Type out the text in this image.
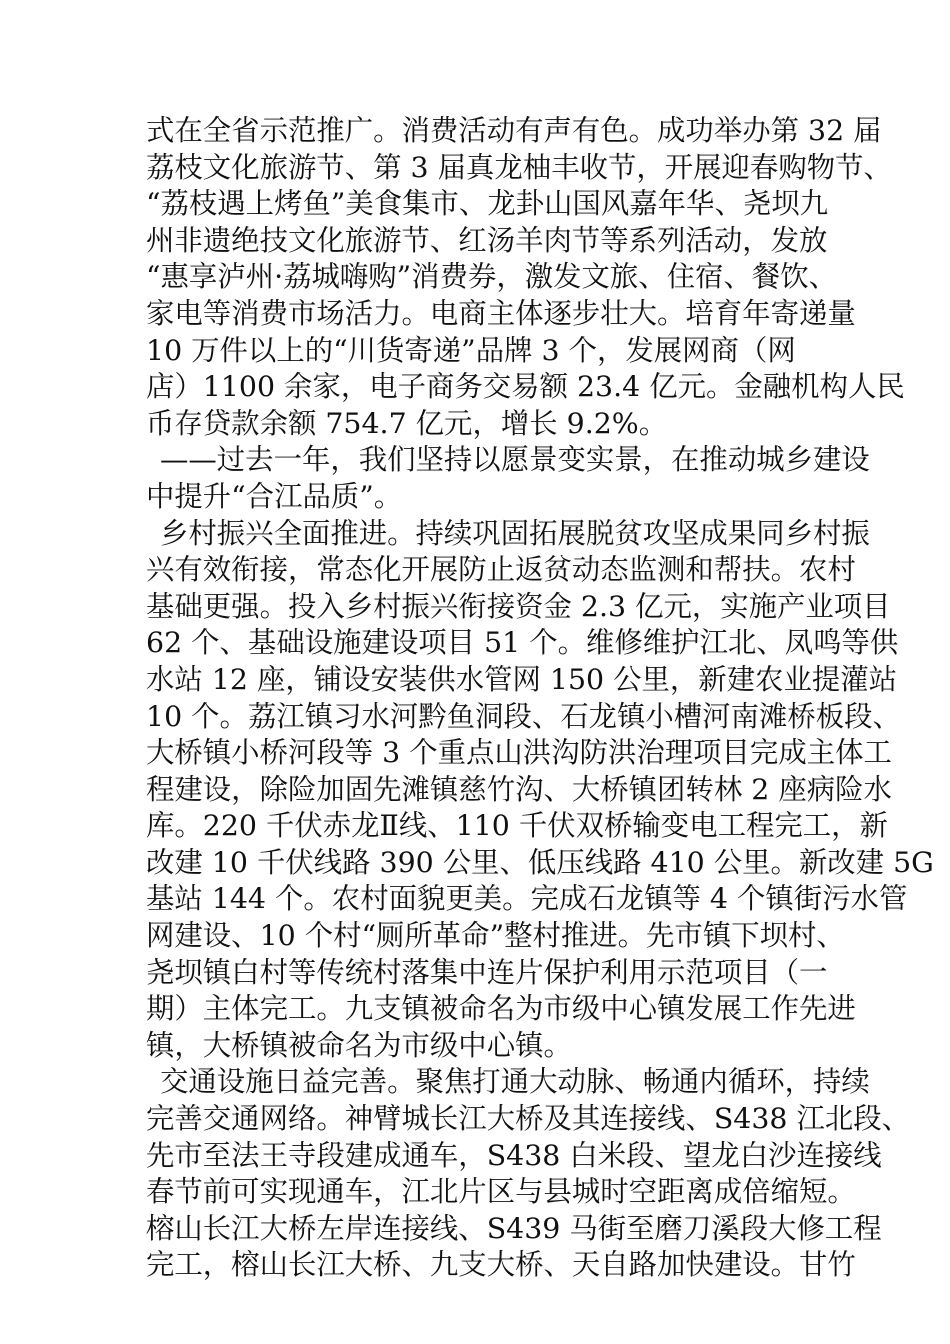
式在全省示范推广。消费活动有声有色。成功举办第 32 届
荔枝文化旅游节、第 3 届真龙柚丰收节，开展迎春购物节、
“荔枝遇上烤鱼”美食集市、龙卦山国风嘉年华、尧坝九
州非遗绝技文化旅游节、红汤羊肉节等系列活动，发放
“惠享泸州·荔城嗨购”消费券，激发文旅、住宿、餐饮、
家电等消费市场活力。电商主体逐步壮大。培育年寄递量
10 万件以上的“川货寄递”品牌 3 个，发展网商（网
店）1100 余家，电子商务交易额 23.4 亿元。金融机构人民
币存贷款余额 754.7 亿元，增长 9.2%。
——过去一年，我们坚持以愿景变实景，在推动城乡建设
中提升“合江品质”。
乡村振兴全面推进。持续巩固拓展脱贫攻坚成果同乡村振
兴有效衔接，常态化开展防止返贫动态监测和帮扶。农村
基础更强。投入乡村振兴衔接资金 2.3 亿元，实施产业项目
62 个、基础设施建设项目 51 个。维修维护江北、凤鸣等供
水站 12 座，铺设安装供水管网 150 公里，新建农业提灌站
10 个。荔江镇习水河黔鱼洞段、石龙镇小槽河南滩桥板段、
大桥镇小桥河段等 3 个重点山洪沟防洪治理项目完成主体工
程建设，除险加固先滩镇慈竹沟、大桥镇团转林 2 座病险水
库。220 千伏赤龙Ⅱ线、110 千伏双桥输变电工程完工，新
改建 10 千伏线路 390 公里、低压线路 410 公里。新改建 5G
基站 144 个。农村面貌更美。完成石龙镇等 4 个镇街污水管
网建设、10 个村“厕所革命”整村推进。先市镇下坝村、
尧坝镇白村等传统村落集中连片保护利用示范项目（一
期）主体完工。九支镇被命名为市级中心镇发展工作先进
镇，大桥镇被命名为市级中心镇。
交通设施日益完善。聚焦打通大动脉、畅通内循环，持续
完善交通网络。神臂城长江大桥及其连接线、S438 江北段、
先市至法王寺段建成通车，S438 白米段、望龙白沙连接线
春节前可实现通车，江北片区与县城时空距离成倍缩短。
榕山长江大桥左岸连接线、S439 马街至磨刀溪段大修工程
完工，榕山长江大桥、九支大桥、天自路加快建设。甘竹
